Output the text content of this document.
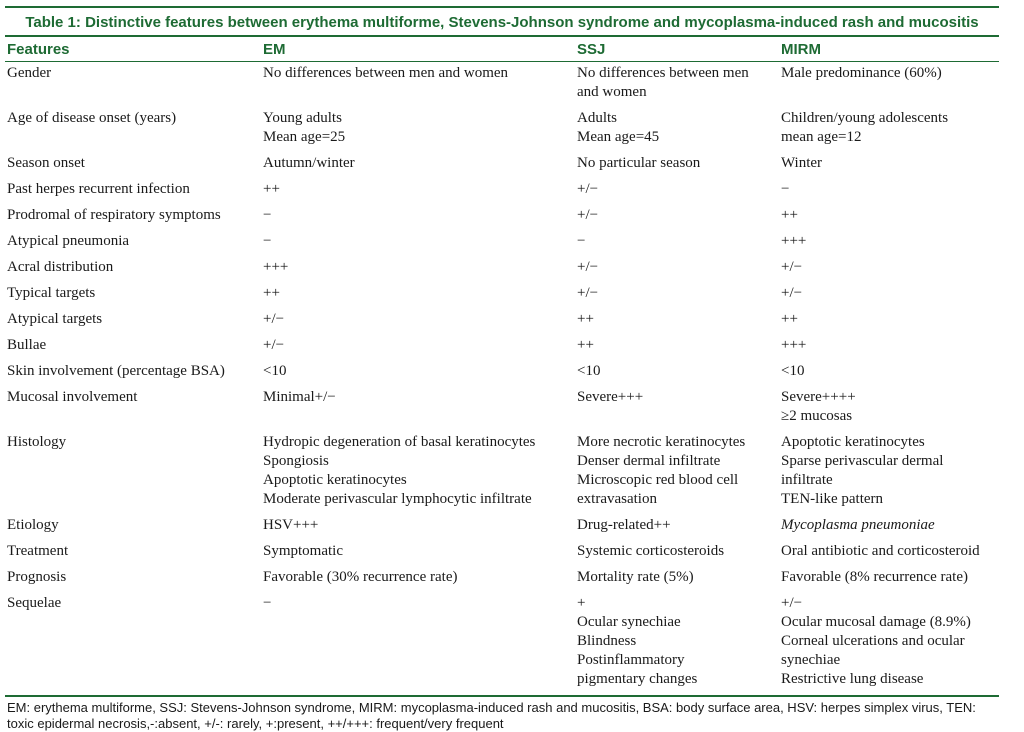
Table 1: Distinctive features between erythema multiforme, Stevens-Johnson syndrome and mycoplasma-induced rash and mucositis
Features	EM	SSJ	MIRM

Gender	No differences between men and women	No differences between men
and women	Male predominance (60%)

Age of disease onset (years)	Young adults
Mean age=25	Adults
Mean age=45	Children/young adolescents
mean age=12

Season onset	Autumn/winter	No particular season	Winter

Past herpes recurrent infection	++	+/−	−

Prodromal of respiratory symptoms	−	+/−	++

Atypical pneumonia	−	−	+++

Acral distribution	+++	+/−	+/−

Typical targets	++	+/−	+/−

Atypical targets	+/−	++	++

Bullae	+/−	++	+++

Skin involvement (percentage BSA)	<10	<10	<10

Mucosal involvement	Minimal+/−	Severe+++	Severe++++
≥2 mucosas

Histology	Hydropic degeneration of basal keratinocytes
Spongiosis
Apoptotic keratinocytes
Moderate perivascular lymphocytic infiltrate	More necrotic keratinocytes
Denser dermal infiltrate
Microscopic red blood cell
extravasation	Apoptotic keratinocytes
Sparse perivascular dermal
infiltrate
TEN-like pattern

Etiology	HSV+++	Drug-related++	Mycoplasma pneumoniae

Treatment	Symptomatic	Systemic corticosteroids	Oral antibiotic and corticosteroid

Prognosis	Favorable (30% recurrence rate)	Mortality rate (5%)	Favorable (8% recurrence rate)

Sequelae	−	+
Ocular synechiae
Blindness
Postinflammatory
pigmentary changes	+/−
Ocular mucosal damage (8.9%)
Corneal ulcerations and ocular
synechiae
Restrictive lung disease
EM: erythema multiforme, SSJ: Stevens-Johnson syndrome, MIRM: mycoplasma-induced rash and mucositis, BSA: body surface area, HSV: herpes simplex virus, TEN: toxic epidermal necrosis,-:absent, +/-: rarely, +:present, ++/+++: frequent/very frequent
